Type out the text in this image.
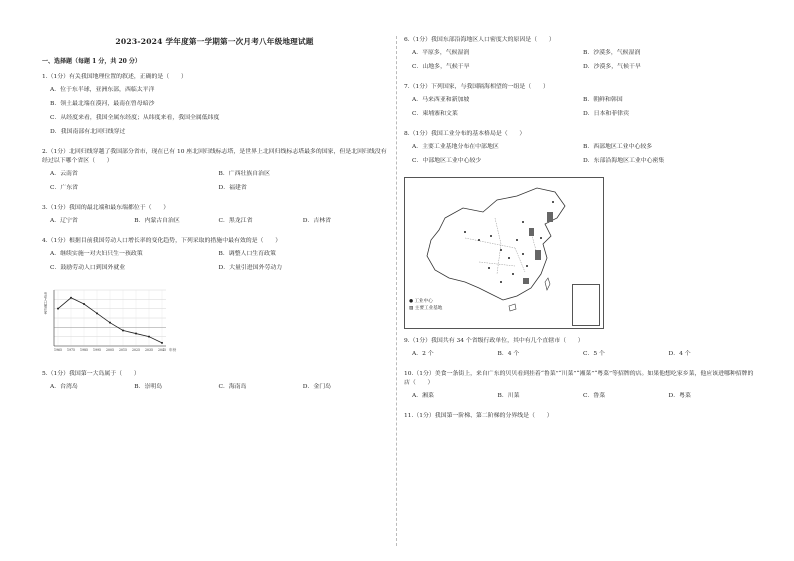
2023-2024 学年度第一学期第一次月考八年级地理试题
一、选择题（每题 1 分，共 20 分）
1.（1分）有关我国地理位置的叙述，正确的是（　　）
A．位于东半球，亚洲东部，西临太平洋
B．领土最北端在漠河，最南在曾母暗沙
C．从经度来看，我国全属东经度；从纬度来看，我国全属低纬度
D．我国南部有北回归线穿过
2.（1分）北回归线穿越了我国部分省市，现在已有 10 座北回归线标志塔，是世界上北回归线标志塔最多的国家，但是北回归线没有经过以下哪个省区（　　）
A．云南省	B．广西壮族自治区
C．广东省	D．福建省
3.（1分）我国的最北端和最东端都位于（　　）
A．辽宁省	B．内蒙古自治区	C．黑龙江省	D．吉林省
4.（1分）根据目前我国劳动人口增长率的变化趋势，下列采取的措施中最有效的是（　　）
A．继续实施一对夫妇只生一孩政策	B．调整人口生育政策
C．鼓励劳动人口到国外就业	D．大量引进国外劳动力
1965 1975 1985 1995 2005 2015 2025 2035 2045 年份
劳动人口增长率
5.（1分）我国第一大岛属于（　　）
A．台湾岛	B．崇明岛	C．海南岛	D．金门岛
6.（1分）我国东部沿海地区人口密度大的原因是（　　）
A．平原多，气候湿润	B．沙漠多，气候湿润
C．山地多，气候干旱	D．沙漠多，气候干旱
7.（1分）下列国家，与我国隔海相望的一组是（　　）
A．马来西亚和新加坡	B．朝鲜和韩国
C．柬埔寨和文莱	D．日本和菲律宾
8.（1分）我国工业分布的基本格局是（　　）
A．主要工业基地分布在中部地区	B．西部地区工业中心较多
C．中部地区工业中心较少	D．东部沿海地区工业中心密集
● 工业中心
▨ 主要工业基地
9.（1分）我国共有 34 个省级行政单位，其中有几个直辖市（　　）
A．2 个	B．4 个	C．5 个	D．4 个
10.（1分）美食一条街上，来自广东的贝贝看到挂着“鲁菜”“川菜”“湘菜”“粤菜”等招牌的店。如果他想吃家乡菜，他应该进哪种招牌的店（　　）
A．湘菜	B．川菜	C．鲁菜	D．粤菜
11.（1分）我国第一阶梯、第二阶梯的分界线是（　　）
